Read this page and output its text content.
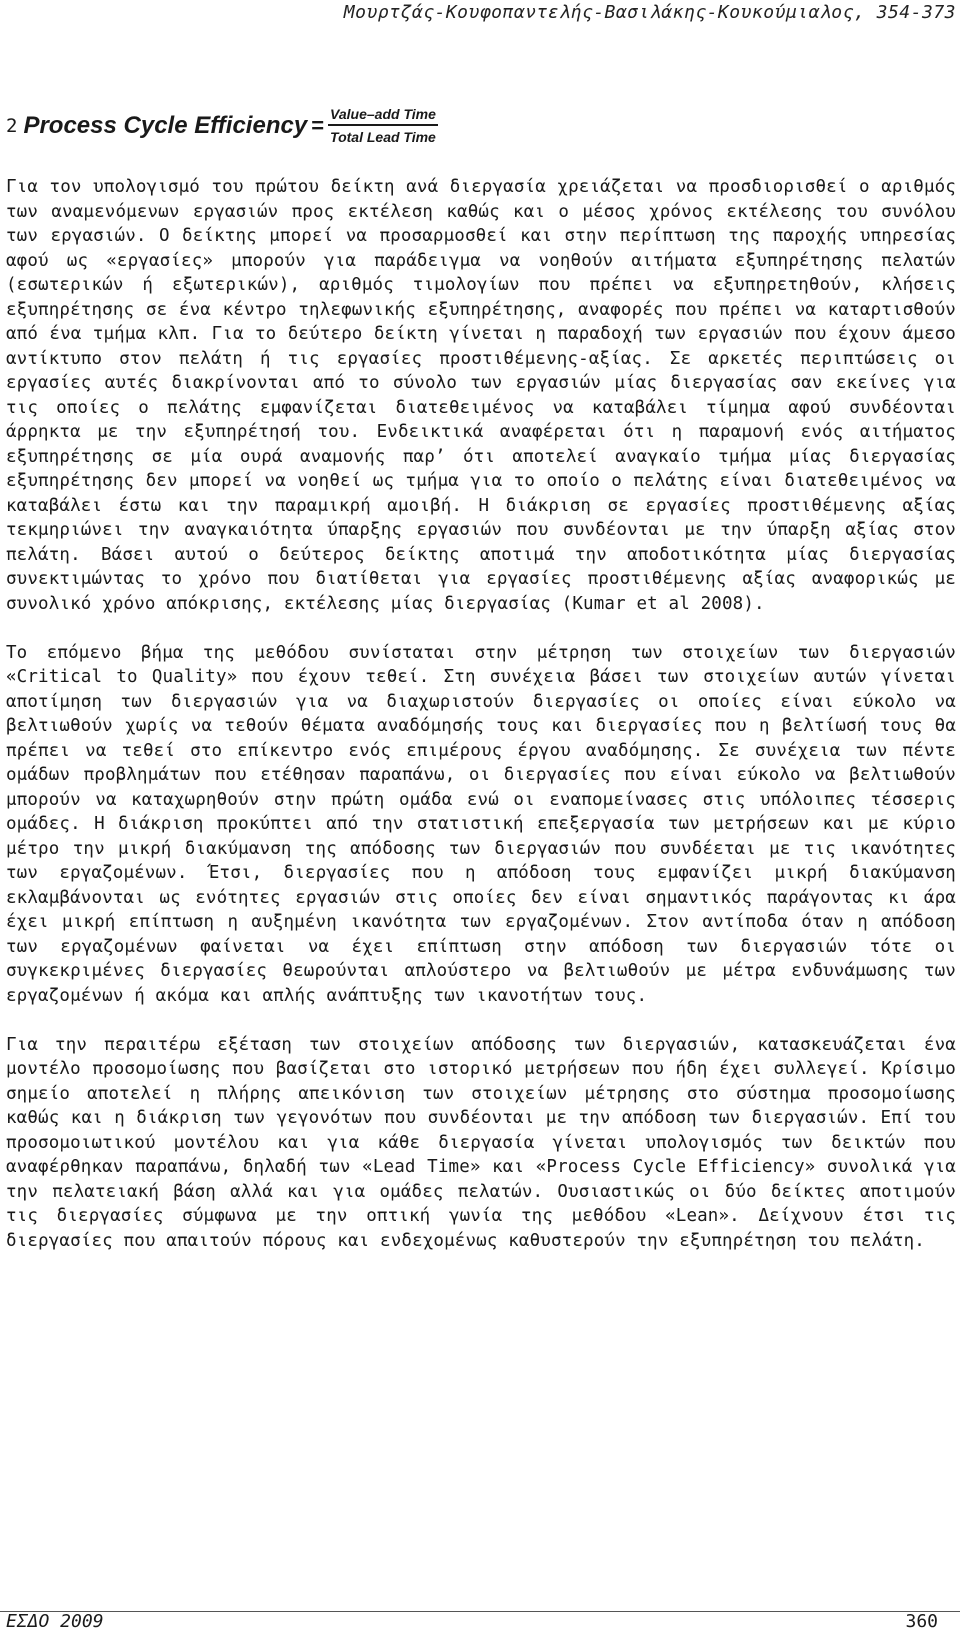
Μουρτζάς-Κουφοπαντελής-Βασιλάκης-Κουκούμιαλος, 354-373
2 Process Cycle Efficiency = $\frac{\text{Value–add Time}}{\text{Total Lead Time}}$

Για τον υπολογισμό του πρώτου δείκτη ανά διεργασία χρειάζεται να προσδιορισθεί ο αριθμός των αναμενόμενων εργασιών προς εκτέλεση καθώς και ο μέσος χρόνος εκτέλεσης του συνόλου των εργασιών. Ο δείκτης μπορεί να προσαρμοσθεί και στην περίπτωση της παροχής υπηρεσίας αφού ως «εργασίες» μπορούν για παράδειγμα να νοηθούν αιτήματα εξυπηρέτησης πελατών (εσωτερικών ή εξωτερικών), αριθμός τιμολογίων που πρέπει να εξυπηρετηθούν, κλήσεις εξυπηρέτησης σε ένα κέντρο τηλεφωνικής εξυπηρέτησης, αναφορές που πρέπει να καταρτισθούν από ένα τμήμα κλπ. Για το δεύτερο δείκτη γίνεται η παραδοχή των εργασιών που έχουν άμεσο αντίκτυπο στον πελάτη ή τις εργασίες προστιθέμενης-αξίας. Σε αρκετές περιπτώσεις οι εργασίες αυτές διακρίνονται από το σύνολο των εργασιών μίας διεργασίας σαν εκείνες για τις οποίες ο πελάτης εμφανίζεται διατεθειμένος να καταβάλει τίμημα αφού συνδέονται άρρηκτα με την εξυπηρέτησή του. Ενδεικτικά αναφέρεται ότι η παραμονή ενός αιτήματος εξυπηρέτησης σε μία ουρά αναμονής παρ’ ότι αποτελεί αναγκαίο τμήμα μίας διεργασίας εξυπηρέτησης δεν μπορεί να νοηθεί ως τμήμα για το οποίο ο πελάτης είναι διατεθειμένος να καταβάλει έστω και την παραμικρή αμοιβή. Η διάκριση σε εργασίες προστιθέμενης αξίας τεκμηριώνει την αναγκαιότητα ύπαρξης εργασιών που συνδέονται με την ύπαρξη αξίας στον πελάτη. Βάσει αυτού ο δεύτερος δείκτης αποτιμά την αποδοτικότητα μίας διεργασίας συνεκτιμώντας το χρόνο που διατίθεται για εργασίες προστιθέμενης αξίας αναφορικώς με συνολικό χρόνο απόκρισης, εκτέλεσης μίας διεργασίας (Kumar et al 2008).

Το επόμενο βήμα της μεθόδου συνίσταται στην μέτρηση των στοιχείων των διεργασιών «Critical to Quality» που έχουν τεθεί. Στη συνέχεια βάσει των στοιχείων αυτών γίνεται αποτίμηση των διεργασιών για να διαχωριστούν διεργασίες οι οποίες είναι εύκολο να βελτιωθούν χωρίς να τεθούν θέματα αναδόμησής τους και διεργασίες που η βελτίωσή τους θα πρέπει να τεθεί στο επίκεντρο ενός επιμέρους έργου αναδόμησης. Σε συνέχεια των πέντε ομάδων προβλημάτων που ετέθησαν παραπάνω, οι διεργασίες που είναι εύκολο να βελτιωθούν μπορούν να καταχωρηθούν στην πρώτη ομάδα ενώ οι εναπομείνασες στις υπόλοιπες τέσσερις ομάδες. Η διάκριση προκύπτει από την στατιστική επεξεργασία των μετρήσεων και με κύριο μέτρο την μικρή διακύμανση της απόδοσης των διεργασιών που συνδέεται με τις ικανότητες των εργαζομένων. Έτσι, διεργασίες που η απόδοση τους εμφανίζει μικρή διακύμανση εκλαμβάνονται ως ενότητες εργασιών στις οποίες δεν είναι σημαντικός παράγοντας κι άρα έχει μικρή επίπτωση η αυξημένη ικανότητα των εργαζομένων. Στον αντίποδα όταν η απόδοση των εργαζομένων φαίνεται να έχει επίπτωση στην απόδοση των διεργασιών τότε οι συγκεκριμένες διεργασίες θεωρούνται απλούστερο να βελτιωθούν με μέτρα ενδυνάμωσης των εργαζομένων ή ακόμα και απλής ανάπτυξης των ικανοτήτων τους.

Για την περαιτέρω εξέταση των στοιχείων απόδοσης των διεργασιών, κατασκευάζεται ένα μοντέλο προσομοίωσης που βασίζεται στο ιστορικό μετρήσεων που ήδη έχει συλλεγεί. Κρίσιμο σημείο αποτελεί η πλήρης απεικόνιση των στοιχείων μέτρησης στο σύστημα προσομοίωσης καθώς και η διάκριση των γεγονότων που συνδέονται με την απόδοση των διεργασιών. Επί του προσομοιωτικού μοντέλου και για κάθε διεργασία γίνεται υπολογισμός των δεικτών που αναφέρθηκαν παραπάνω, δηλαδή των «Lead Time» και «Process Cycle Efficiency» συνολικά για την πελατειακή βάση αλλά και για ομάδες πελατών. Ουσιαστικώς οι δύο δείκτες αποτιμούν τις διεργασίες σύμφωνα με την οπτική γωνία της μεθόδου «Lean». Δείχνουν έτσι τις διεργασίες που απαιτούν πόρους και ενδεχομένως καθυστερούν την εξυπηρέτηση του πελάτη.

ΕΣΔΟ 2009	360
